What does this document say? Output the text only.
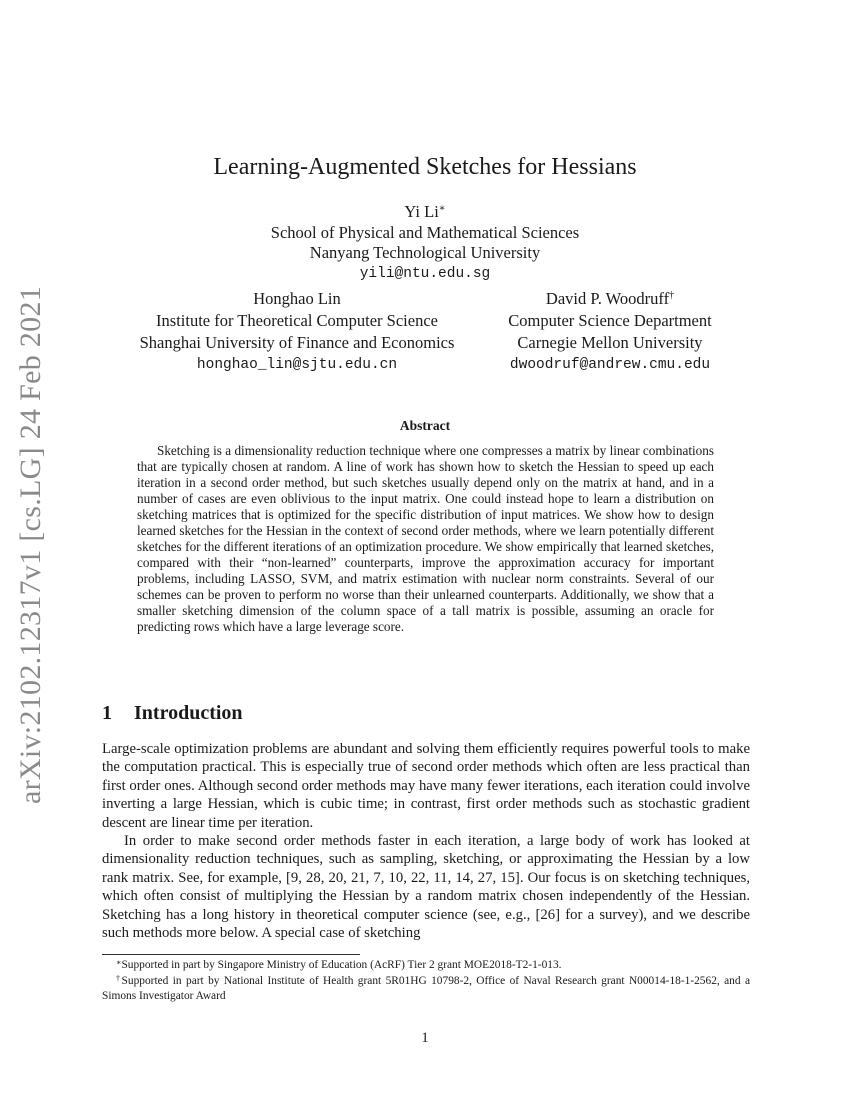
arXiv:2102.12317v1 [cs.LG] 24 Feb 2021
Learning-Augmented Sketches for Hessians
Yi Li∗
School of Physical and Mathematical Sciences
Nanyang Technological University
yili@ntu.edu.sg
Honghao Lin
Institute for Theoretical Computer Science
Shanghai University of Finance and Economics
honghao_lin@sjtu.edu.cn
David P. Woodruff†
Computer Science Department
Carnegie Mellon University
dwoodruf@andrew.cmu.edu
Abstract
Sketching is a dimensionality reduction technique where one compresses a matrix by linear combinations that are typically chosen at random. A line of work has shown how to sketch the Hessian to speed up each iteration in a second order method, but such sketches usually depend only on the matrix at hand, and in a number of cases are even oblivious to the input matrix. One could instead hope to learn a distribution on sketching matrices that is optimized for the specific distribution of input matrices. We show how to design learned sketches for the Hessian in the context of second order methods, where we learn potentially different sketches for the different iterations of an optimization procedure. We show empirically that learned sketches, compared with their “non-learned” counterparts, improve the approximation accuracy for important problems, including LASSO, SVM, and matrix estimation with nuclear norm constraints. Several of our schemes can be proven to perform no worse than their unlearned counterparts. Additionally, we show that a smaller sketching dimension of the column space of a tall matrix is possible, assuming an oracle for predicting rows which have a large leverage score.
1 Introduction
Large-scale optimization problems are abundant and solving them efficiently requires powerful tools to make the computation practical. This is especially true of second order methods which often are less practical than first order ones. Although second order methods may have many fewer iterations, each iteration could involve inverting a large Hessian, which is cubic time; in contrast, first order methods such as stochastic gradient descent are linear time per iteration.
In order to make second order methods faster in each iteration, a large body of work has looked at dimensionality reduction techniques, such as sampling, sketching, or approximating the Hessian by a low rank matrix. See, for example, [9, 28, 20, 21, 7, 10, 22, 11, 14, 27, 15]. Our focus is on sketching techniques, which often consist of multiplying the Hessian by a random matrix chosen independently of the Hessian. Sketching has a long history in theoretical computer science (see, e.g., [26] for a survey), and we describe such methods more below. A special case of sketching
∗Supported in part by Singapore Ministry of Education (AcRF) Tier 2 grant MOE2018-T2-1-013.
†Supported in part by National Institute of Health grant 5R01HG 10798-2, Office of Naval Research grant N00014-18-1-2562, and a Simons Investigator Award
1
